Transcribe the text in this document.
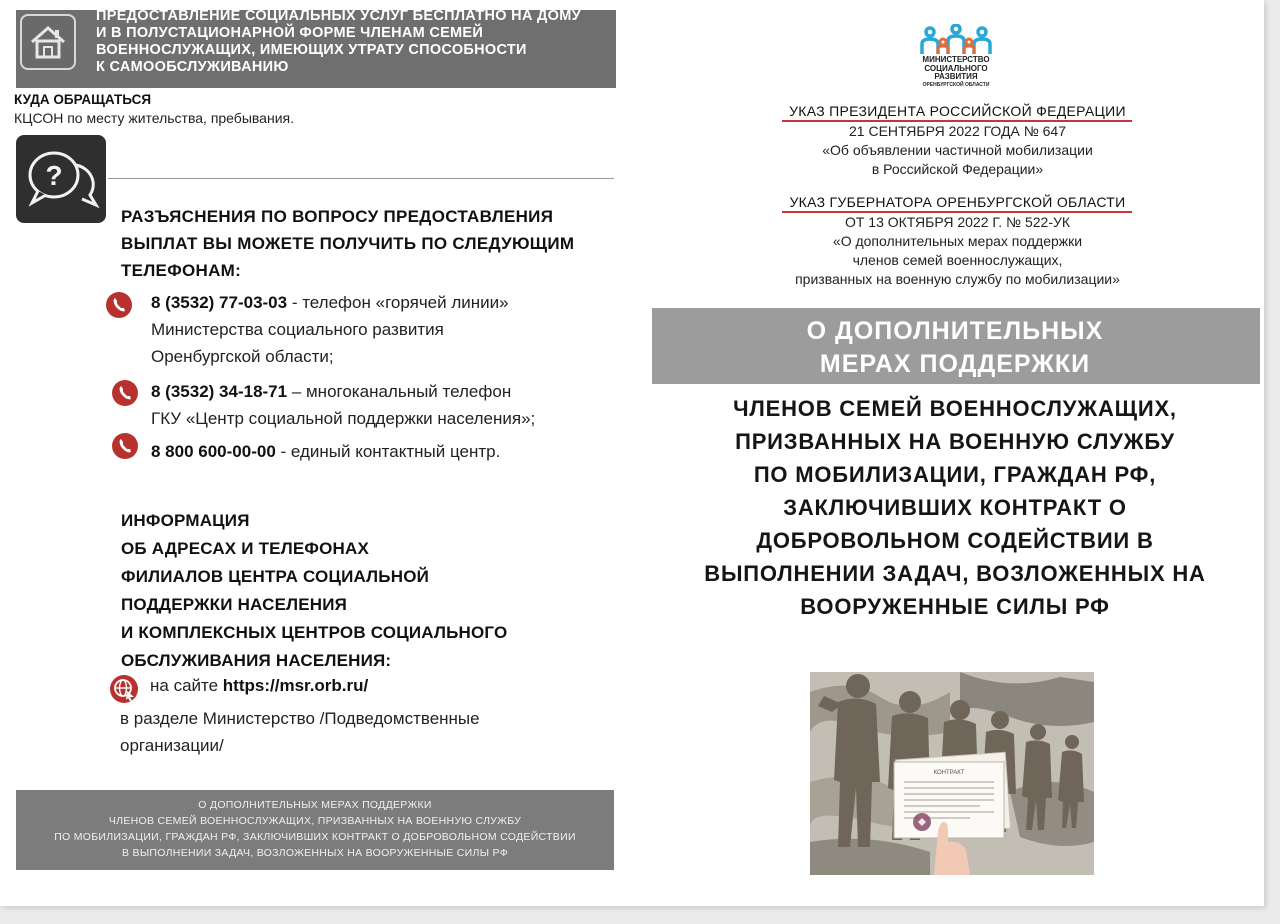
ПРЕДОСТАВЛЕНИЕ СОЦИАЛЬНЫХ УСЛУГ БЕСПЛАТНО НА ДОМУ
И В ПОЛУСТАЦИОНАРНОЙ ФОРМЕ ЧЛЕНАМ СЕМЕЙ
ВОЕННОСЛУЖАЩИХ, ИМЕЮЩИХ УТРАТУ СПОСОБНОСТИ
К САМООБСЛУЖИВАНИЮ
КУДА ОБРАЩАТЬСЯ
КЦСОН по месту жительства, пребывания.
?
РАЗЪЯСНЕНИЯ ПО ВОПРОСУ ПРЕДОСТАВЛЕНИЯ
ВЫПЛАТ ВЫ МОЖЕТЕ ПОЛУЧИТЬ ПО СЛЕДУЮЩИМ
ТЕЛЕФОНАМ:
8 (3532) 77-03-03 - телефон «горячей линии»
Министерства социального развития
Оренбургской области;
8 (3532) 34-18-71 – многоканальный телефон
ГКУ «Центр социальной поддержки населения»;
8 800 600-00-00 - единый контактный центр.
ИНФОРМАЦИЯ
ОБ АДРЕСАХ И ТЕЛЕФОНАХ
ФИЛИАЛОВ ЦЕНТРА СОЦИАЛЬНОЙ
ПОДДЕРЖКИ НАСЕЛЕНИЯ
И КОМПЛЕКСНЫХ ЦЕНТРОВ СОЦИАЛЬНОГО
ОБСЛУЖИВАНИЯ НАСЕЛЕНИЯ:
на сайте https://msr.orb.ru/
в разделе Министерство /Подведомственные
организации/
О ДОПОЛНИТЕЛЬНЫХ МЕРАХ ПОДДЕРЖКИ
ЧЛЕНОВ СЕМЕЙ ВОЕННОСЛУЖАЩИХ, ПРИЗВАННЫХ НА ВОЕННУЮ СЛУЖБУ
ПО МОБИЛИЗАЦИИ, ГРАЖДАН РФ, ЗАКЛЮЧИВШИХ КОНТРАКТ О ДОБРОВОЛЬНОМ СОДЕЙСТВИИ
В ВЫПОЛНЕНИИ ЗАДАЧ, ВОЗЛОЖЕННЫХ НА ВООРУЖЕННЫЕ СИЛЫ РФ
МИНИСТЕРСТВО
СОЦИАЛЬНОГО
РАЗВИТИЯ
ОРЕНБУРГСКОЙ ОБЛАСТИ
УКАЗ ПРЕЗИДЕНТА РОССИЙСКОЙ ФЕДЕРАЦИИ
21 СЕНТЯБРЯ 2022 ГОДА № 647
«Об объявлении частичной мобилизации
в Российской Федерации»
УКАЗ ГУБЕРНАТОРА ОРЕНБУРГСКОЙ ОБЛАСТИ
ОТ 13 ОКТЯБРЯ 2022 Г. № 522-УК
«О дополнительных мерах поддержки
членов семей военнослужащих,
призванных на военную службу по мобилизации»
О ДОПОЛНИТЕЛЬНЫХ
МЕРАХ ПОДДЕРЖКИ
ЧЛЕНОВ СЕМЕЙ ВОЕННОСЛУЖАЩИХ,
ПРИЗВАННЫХ НА ВОЕННУЮ СЛУЖБУ
ПО МОБИЛИЗАЦИИ, ГРАЖДАН РФ,
ЗАКЛЮЧИВШИХ КОНТРАКТ О
ДОБРОВОЛЬНОМ СОДЕЙСТВИИ В
ВЫПОЛНЕНИИ ЗАДАЧ, ВОЗЛОЖЕННЫХ НА
ВООРУЖЕННЫЕ СИЛЫ РФ
КОНТРАКТ
